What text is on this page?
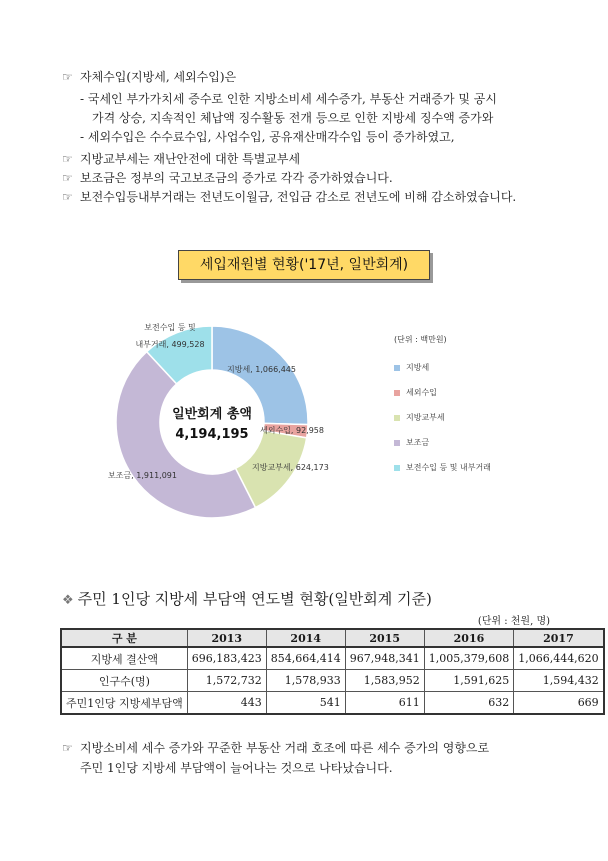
☞ 자체수입(지방세, 세외수입)은
- 국세인 부가가치세 증수로 인한 지방소비세 세수증가, 부동산 거래증가 및 공시
가격 상승, 지속적인 체납액 징수활동 전개 등으로 인한 지방세 징수액 증가와
- 세외수입은 수수료수입, 사업수입, 공유재산매각수입 등이 증가하였고,
☞ 지방교부세는 재난안전에 대한 특별교부세
☞ 보조금은 정부의 국고보조금의 증가로 각각 증가하였습니다.
☞ 보전수입등내부거래는 전년도이월금, 전입금 감소로 전년도에 비해 감소하였습니다.
세입재원별 현황('17년, 일반회계)
일반회계 총액
4,194,195
지방세, 1,066,445
세외수입, 92,958
지방교부세, 624,173
보조금, 1,911,091
보전수입 등 및
내부거래, 499,528
(단위 : 백만원)
지방세
세외수입
지방교부세
보조금
보전수입 등 및 내부거래
❖ 주민 1인당 지방세 부담액 연도별 현황(일반회계 기준)
(단위 : 천원, 명)
구 분	2013	2014	2015	2016	2017
지방세 결산액	696,183,423	854,664,414	967,948,341	1,005,379,608	1,066,444,620
인구수(명)	1,572,732	1,578,933	1,583,952	1,591,625	1,594,432
주민1인당 지방세부담액	443	541	611	632	669
☞ 지방소비세 세수 증가와 꾸준한 부동산 거래 호조에 따른 세수 증가의 영향으로
주민 1인당 지방세 부담액이 늘어나는 것으로 나타났습니다.
